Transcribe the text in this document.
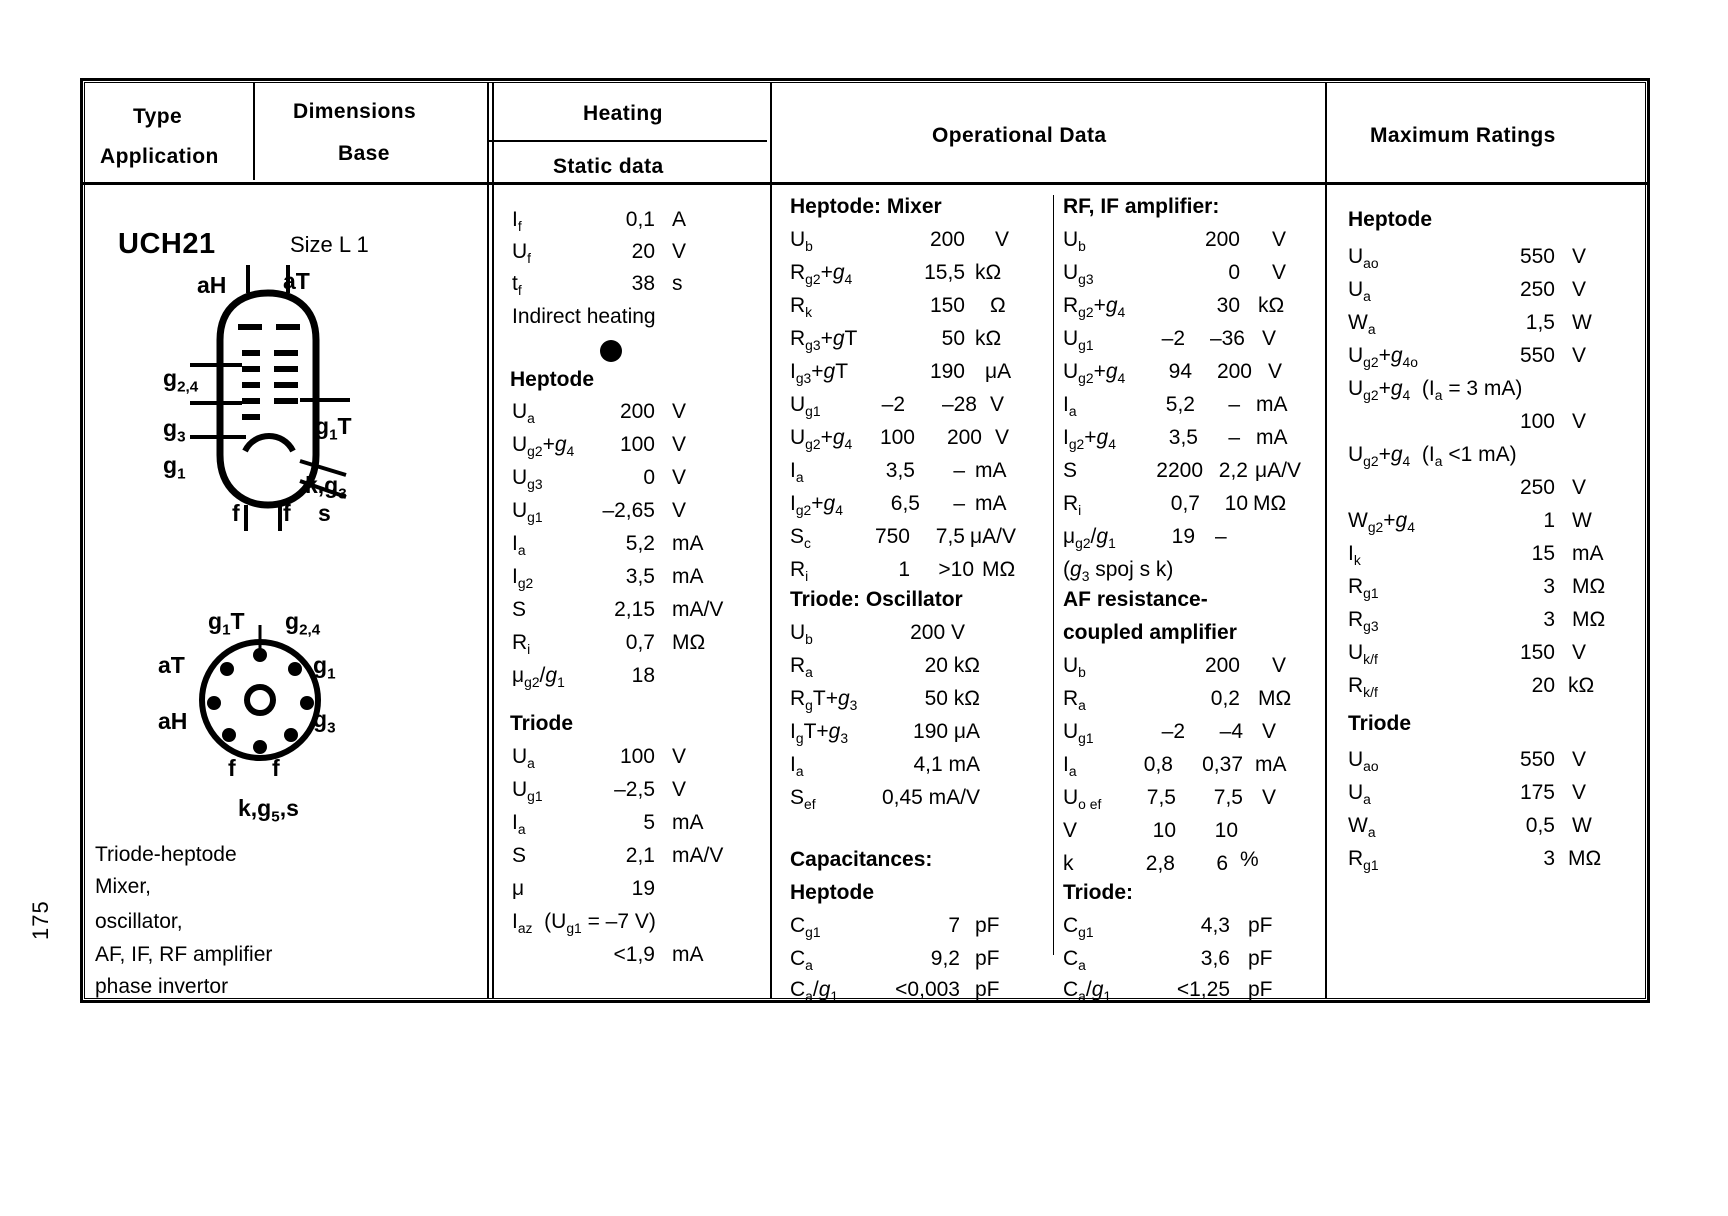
Type
Application
Dimensions
Base
Heating
Static data
Operational Data	Maximum Ratings
175
UCH21	Size L 1
aH aT
$g_{2,4}$
$g_3$
$g_1$
$g_1T$
$k,g_3$
f f s
$g_1T$ $g_{2,4}$
aT	$g_1$
aH	$g_3$
f f
$k,g_5,s$
Triode-heptode
Mixer,
oscillator,
AF, IF, RF amplifier
phase invertor
$I_f$	0,1 A
$U_f$	20 V
$t_f$	38 s
Indirect heating
Heptode
$U_a$	200 V
$U_{g2}+g_4$	100 V
$U_{g3}$	0 V
$U_{g1}$	–2,65 V
$I_a$	5,2 mA
$I_{g2}$	3,5 mA
S	2,15 mA/V
$R_i$	0,7 MΩ
$\mu_{g2}/g_1$	18
Triode
$U_a$	100 V
$U_{g1}$	–2,5 V
$I_a$	5 mA
S	2,1 mA/V
μ	19
$I_{az}$  ($U_{g1} = -7$ V)
<1,9 mA
Heptode: Mixer	RF, IF amplifier:
$U_b$	200 V
$R_{g2}+g_4$	15,5 kΩ
$R_k$	150 Ω
$R_{g3}+gT$	50 kΩ
$I_{g3}+gT$	190 μA
$U_{g1}$	–2	–28 V
$U_{g2}+g_4$	100	200 V
$I_a$	3,5	– mA
$I_{g2}+g_4$	6,5	– mA
$S_c$	750	7,5 μA/V
$R_i$	1	>10 MΩ
$U_b$	200 V
$U_{g3}$	0 V
$R_{g2}+g_4$	30 kΩ
$U_{g1}$	–2	–36 V
$U_{g2}+g_4$	94	200 V
$I_a$	5,2	– mA
$I_{g2}+g_4$	3,5	– mA
S	2200 2,2 μA/V
$R_i$	0,7	10 MΩ
$\mu_{g2}/g_1$	19 –
($g_3$ spoj s k)
Triode: Oscillator	AF resistance-
coupled amplifier
$U_b$	200 V
$R_a$	20 kΩ
$R_gT+g_3$	50 kΩ
$I_gT+g_3$	190 μA
$I_a$	4,1 mA
$S_{ef}$	0,45 mA/V
$U_b$	200 V
$R_a$	0,2 MΩ
$U_{g1}$	–2	–4 V
$I_a$	0,8	0,37 mA
$U_{o ef}$	7,5	7,5 V
V	10	10
k	2,8	6 %
Capacitances:
Heptode	Triode:
$C_{g1}$	7 pF
$C_a$	9,2 pF
$C_a/g_1$	<0,003 pF
$C_{g1}$	4,3 pF
$C_a$	3,6 pF
$C_a/g_1$	<1,25 pF
Heptode
$U_{ao}$	550 V
$U_a$	250 V
$W_a$	1,5 W
$U_{g2}+g_{4o}$	550 V
$U_{g2}+g_4$  ($I_a = 3$ mA)
100 V
$U_{g2}+g_4$  ($I_a <1$ mA)
250 V
$W_{g2}+g_4$	1 W
$I_k$	15 mA
$R_{g1}$	3 MΩ
$R_{g3}$	3 MΩ
$U_{k/f}$	150 V
$R_{k/f}$	20 kΩ
Triode
$U_{ao}$	550 V
$U_a$	175 V
$W_a$	0,5 W
$R_{g1}$	3 MΩ
